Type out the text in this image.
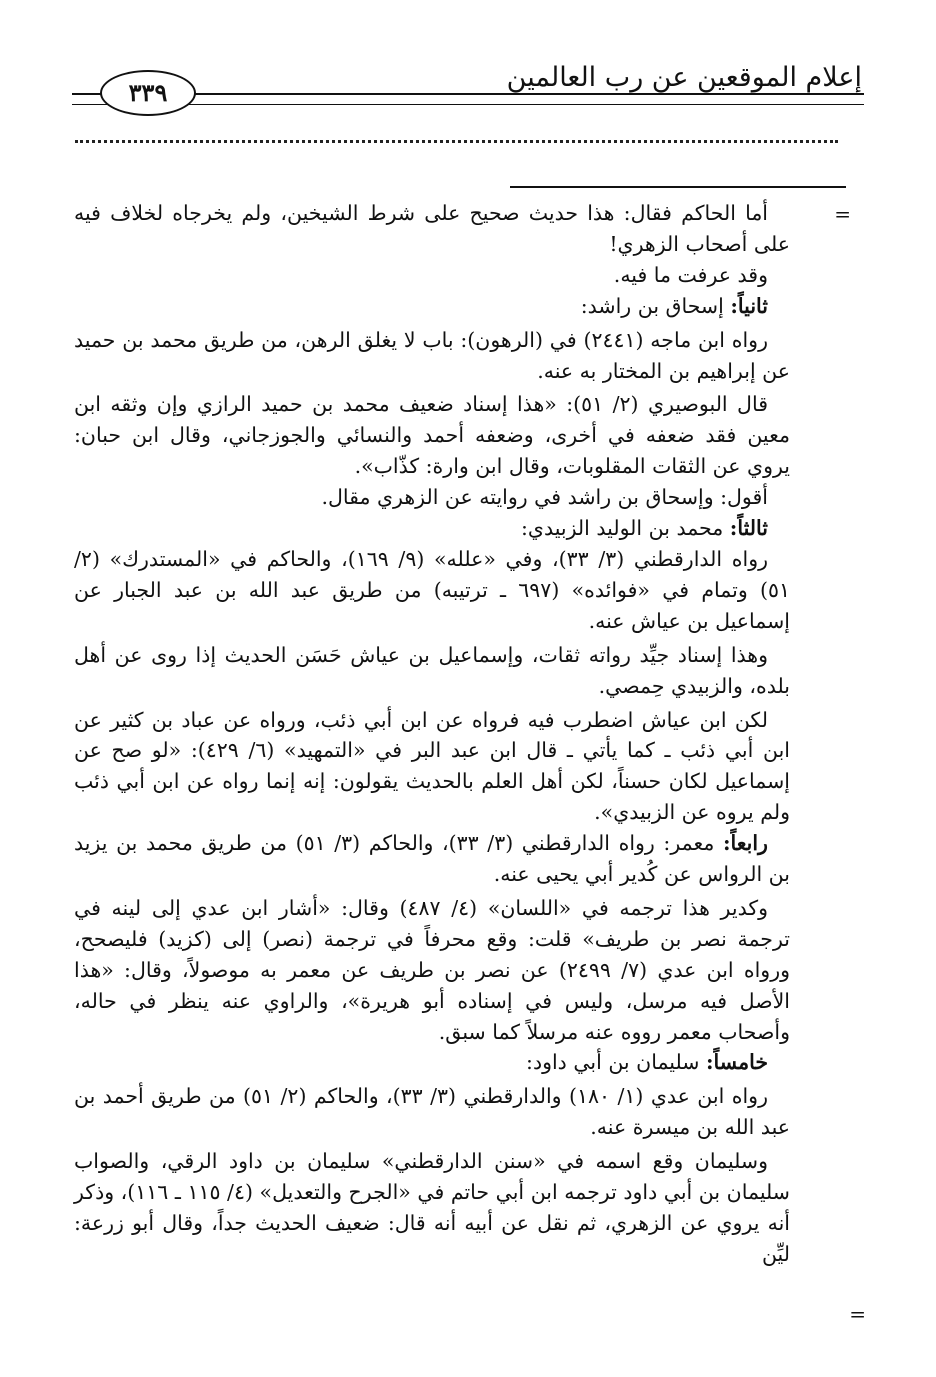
إعلام الموقعين عن رب العالمين
٣٣٩
=

أما الحاكم فقال: هذا حديث صحيح على شرط الشيخين، ولم يخرجاه لخلاف فيه على أصحاب الزهري!

وقد عرفت ما فيه.

ثانياً: إسحاق بن راشد:

رواه ابن ماجه (٢٤٤١) في (الرهون): باب لا يغلق الرهن، من طريق محمد بن حميد عن إبراهيم بن المختار به عنه.

قال البوصيري (٢/ ٥١): «هذا إسناد ضعيف محمد بن حميد الرازي وإن وثقه ابن معين فقد ضعفه في أخرى، وضعفه أحمد والنسائي والجوزجاني، وقال ابن حبان: يروي عن الثقات المقلوبات، وقال ابن وارة: كذّاب».

أقول: وإسحاق بن راشد في روايته عن الزهري مقال.

ثالثاً: محمد بن الوليد الزبيدي:

رواه الدارقطني (٣/ ٣٣)، وفي «علله» (٩/ ١٦٩)، والحاكم في «المستدرك» (٢/ ٥١) وتمام في «فوائده» (٦٩٧ ـ ترتيبه) من طريق عبد الله بن عبد الجبار عن إسماعيل بن عياش عنه.

وهذا إسناد جيِّد رواته ثقات، وإسماعيل بن عياش حَسَن الحديث إذا روى عن أهل بلده، والزبيدي حِمصي.

لكن ابن عياش اضطرب فيه فرواه عن ابن أبي ذئب، ورواه عن عباد بن كثير عن ابن أبي ذئب ـ كما يأتي ـ قال ابن عبد البر في «التمهيد» (٦/ ٤٢٩): «لو صح عن إسماعيل لكان حسناً، لكن أهل العلم بالحديث يقولون: إنه إنما رواه عن ابن أبي ذئب ولم يروه عن الزبيدي».

رابعاً: معمر: رواه الدارقطني (٣/ ٣٣)، والحاكم (٣/ ٥١) من طريق محمد بن يزيد بن الرواس عن كُدير أبي يحيى عنه.

وكدير هذا ترجمه في «اللسان» (٤/ ٤٨٧) وقال: «أشار ابن عدي إلى لينه في ترجمة نصر بن طريف» قلت: وقع محرفاً في ترجمة (نصر) إلى (كزيد) فليصحح، ورواه ابن عدي (٧/ ٢٤٩٩) عن نصر بن طريف عن معمر به موصولاً، وقال: «هذا الأصل فيه مرسل، وليس في إسناده أبو هريرة»، والراوي عنه ينظر في حاله، وأصحاب معمر رووه عنه مرسلاً كما سبق.

خامساً: سليمان بن أبي داود:

رواه ابن عدي (١/ ١٨٠) والدارقطني (٣/ ٣٣)، والحاكم (٢/ ٥١) من طريق أحمد بن عبد الله بن ميسرة عنه.

وسليمان وقع اسمه في «سنن الدارقطني» سليمان بن داود الرقي، والصواب سليمان بن أبي داود ترجمه ابن أبي حاتم في «الجرح والتعديل» (٤/ ١١٥ ـ ١١٦)، وذكر أنه يروي عن الزهري، ثم نقل عن أبيه أنه قال: ضعيف الحديث جداً، وقال أبو زرعة: ليِّن

=
